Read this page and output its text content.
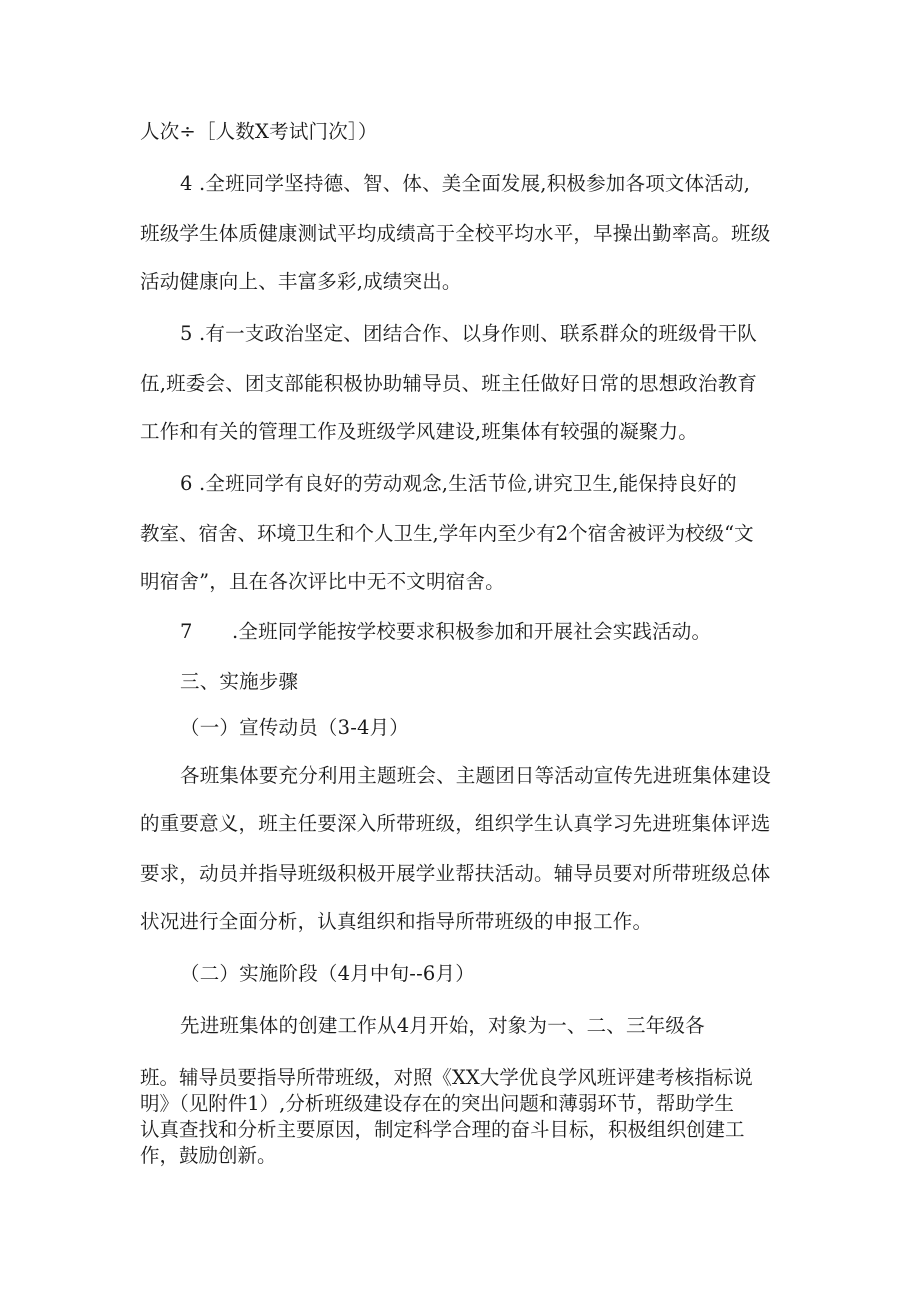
人次÷［人数X考试门次］）
4 .全班同学坚持德、智、体、美全面发展,积极参加各项文体活动,
班级学生体质健康测试平均成绩高于全校平均水平，早操出勤率高。班级
活动健康向上、丰富多彩,成绩突出。
5 .有一支政治坚定、团结合作、以身作则、联系群众的班级骨干队
伍,班委会、团支部能积极协助辅导员、班主任做好日常的思想政治教育
工作和有关的管理工作及班级学风建设,班集体有较强的凝聚力。
6 .全班同学有良好的劳动观念,生活节俭,讲究卫生,能保持良好的
教室、宿舍、环境卫生和个人卫生,学年内至少有2个宿舍被评为校级“文
明宿舍”，且在各次评比中无不文明宿舍。
7　　.全班同学能按学校要求积极参加和开展社会实践活动。
三、实施步骤
（一）宣传动员（3-4月）
各班集体要充分利用主题班会、主题团日等活动宣传先进班集体建设
的重要意义，班主任要深入所带班级，组织学生认真学习先进班集体评选
要求，动员并指导班级积极开展学业帮扶活动。辅导员要对所带班级总体
状况进行全面分析，认真组织和指导所带班级的申报工作。
（二）实施阶段（4月中旬--6月）
先进班集体的创建工作从4月开始，对象为一、二、三年级各
班。辅导员要指导所带班级，对照《XX大学优良学风班评建考核指标说
明》（见附件1）,分析班级建设存在的突出问题和薄弱环节，帮助学生
认真查找和分析主要原因，制定科学合理的奋斗目标，积极组织创建工
作，鼓励创新。
